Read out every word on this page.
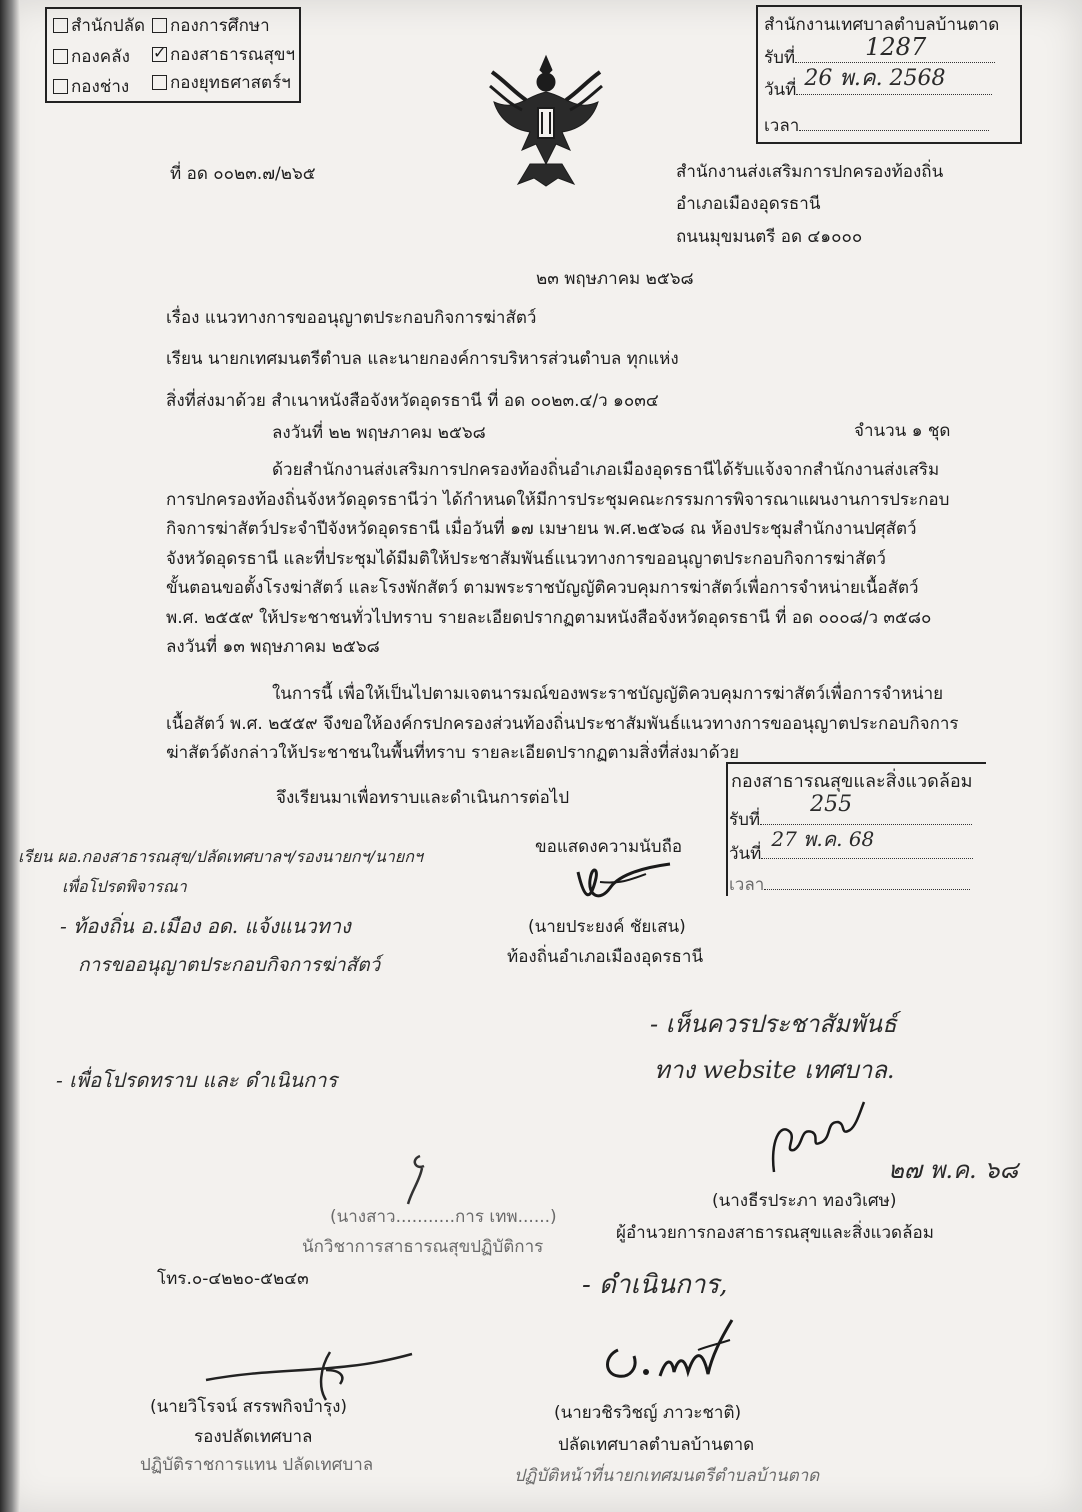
สำนักปลัด	กองการศึกษา
กองคลัง
✓	กองสาธารณสุขฯ
กองช่าง	กองยุทธศาสตร์ฯ
สำนักงานเทศบาลตำบลบ้านตาด
รับที่	1287
วันที่ 26 พ.ค. 2568
เวลา
ที่ อด ๐๐๒๓.๗/๒๖๕	สำนักงานส่งเสริมการปกครองท้องถิ่น
อำเภอเมืองอุดรธานี
ถนนมุขมนตรี อด ๔๑๐๐๐
๒๓ พฤษภาคม ๒๕๖๘
เรื่อง แนวทางการขออนุญาตประกอบกิจการฆ่าสัตว์
เรียน นายกเทศมนตรีตำบล และนายกองค์การบริหารส่วนตำบล ทุกแห่ง
สิ่งที่ส่งมาด้วย สำเนาหนังสือจังหวัดอุดรธานี ที่ อด ๐๐๒๓.๔/ว ๑๐๓๔
ลงวันที่ ๒๒ พฤษภาคม ๒๕๖๘	จำนวน ๑ ชุด
ด้วยสำนักงานส่งเสริมการปกครองท้องถิ่นอำเภอเมืองอุดรธานีได้รับแจ้งจากสำนักงานส่งเสริม
การปกครองท้องถิ่นจังหวัดอุดรธานีว่า ได้กำหนดให้มีการประชุมคณะกรรมการพิจารณาแผนงานการประกอบ
กิจการฆ่าสัตว์ประจำปีจังหวัดอุดรธานี เมื่อวันที่ ๑๗ เมษายน พ.ศ.๒๕๖๘ ณ ห้องประชุมสำนักงานปศุสัตว์
จังหวัดอุดรธานี และที่ประชุมได้มีมติให้ประชาสัมพันธ์แนวทางการขออนุญาตประกอบกิจการฆ่าสัตว์
ขั้นตอนขอตั้งโรงฆ่าสัตว์ และโรงพักสัตว์ ตามพระราชบัญญัติควบคุมการฆ่าสัตว์เพื่อการจำหน่ายเนื้อสัตว์
พ.ศ. ๒๕๕๙ ให้ประชาชนทั่วไปทราบ รายละเอียดปรากฏตามหนังสือจังหวัดอุดรธานี ที่ อด ๐๐๐๘/ว ๓๕๘๐
ลงวันที่ ๑๓ พฤษภาคม ๒๕๖๘
ในการนี้ เพื่อให้เป็นไปตามเจตนารมณ์ของพระราชบัญญัติควบคุมการฆ่าสัตว์เพื่อการจำหน่าย
เนื้อสัตว์ พ.ศ. ๒๕๕๙ จึงขอให้องค์กรปกครองส่วนท้องถิ่นประชาสัมพันธ์แนวทางการขออนุญาตประกอบกิจการ
ฆ่าสัตว์ดังกล่าวให้ประชาชนในพื้นที่ทราบ รายละเอียดปรากฏตามสิ่งที่ส่งมาด้วย
จึงเรียนมาเพื่อทราบและดำเนินการต่อไป
กองสาธารณสุขและสิ่งแวดล้อม
รับที่
255
วันที่
27 พ.ค. 68
เวลา
ขอแสดงความนับถือ
(นายประยงค์ ชัยเสน)
ท้องถิ่นอำเภอเมืองอุดรธานี
เรียน ผอ.กองสาธารณสุข/ปลัดเทศบาลฯ/รองนายกฯ/นายกฯ
เพื่อโปรดพิจารณา
- ท้องถิ่น อ.เมือง อด. แจ้งแนวทาง
การขออนุญาตประกอบกิจการฆ่าสัตว์
- เพื่อโปรดทราบ และ ดำเนินการ
- เห็นควรประชาสัมพันธ์
ทาง website เทศบาล.
๒๗ พ.ค. ๖๘
(นางธีรประภา ทองวิเศษ)
ผู้อำนวยการกองสาธารณสุขและสิ่งแวดล้อม
(นางสาว...........การ เทพ......)
นักวิชาการสาธารณสุขปฏิบัติการ
โทร.๐-๔๒๒๐-๕๒๔๓	- ดำเนินการ,
(นายวิโรจน์ สรรพกิจบำรุง)
รองปลัดเทศบาล
ปฏิบัติราชการแทน ปลัดเทศบาล
(นายวชิรวิชญ์ ภาวะชาติ)
ปลัดเทศบาลตำบลบ้านตาด
ปฏิบัติหน้าที่นายกเทศมนตรีตำบลบ้านตาด
